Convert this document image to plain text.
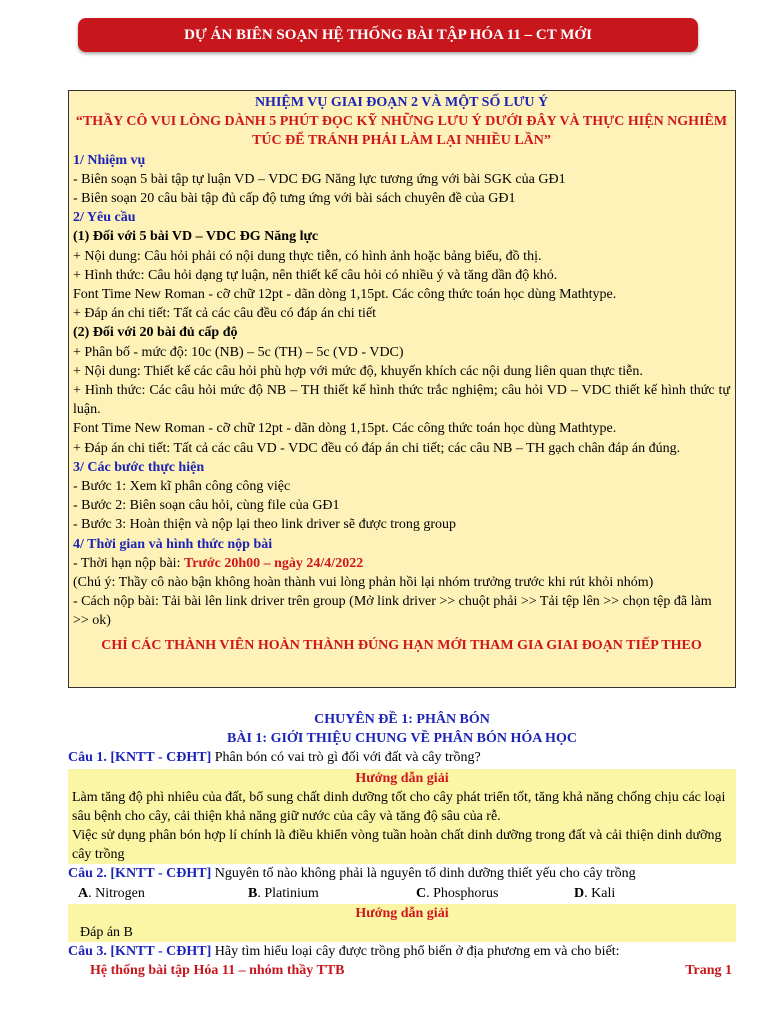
DỰ ÁN BIÊN SOẠN HỆ THỐNG BÀI TẬP HÓA 11 – CT MỚI

NHIỆM VỤ GIAI ĐOẠN 2 VÀ MỘT SỐ LƯU Ý

“THẦY CÔ VUI LÒNG DÀNH 5 PHÚT ĐỌC KỸ NHỮNG LƯU Ý DƯỚI ĐÂY VÀ THỰC HIỆN NGHIÊM TÚC ĐỂ TRÁNH PHẢI LÀM LẠI NHIỀU LẦN”

1/ Nhiệm vụ

- Biên soạn 5 bài tập tự luận VD – VDC ĐG Năng lực tương ứng với bài SGK của GĐ1

- Biên soạn 20 câu bài tập đủ cấp độ tưng ứng với bài sách chuyên đề của GĐ1

2/ Yêu cầu

(1) Đối với 5 bài VD – VDC ĐG Năng lực

+ Nội dung: Câu hỏi phải có nội dung thực tiễn, có hình ảnh hoặc bảng biểu, đồ thị.

+ Hình thức: Câu hỏi dạng tự luận, nên thiết kế câu hỏi có nhiều ý và tăng dần độ khó.

Font Time New Roman - cỡ chữ 12pt - dãn dòng 1,15pt. Các công thức toán học dùng Mathtype.

+ Đáp án chi tiết: Tất cả các câu đều có đáp án chi tiết

(2) Đối với 20 bài đủ cấp độ

+ Phân bố - mức độ: 10c (NB) – 5c (TH) – 5c (VD - VDC)

+ Nội dung: Thiết kế các câu hỏi phù hợp với mức độ, khuyến khích các nội dung liên quan thực tiễn.

+ Hình thức: Các câu hỏi mức độ NB – TH thiết kế hình thức trắc nghiệm; câu hỏi VD – VDC thiết kế hình thức tự luận.

Font Time New Roman - cỡ chữ 12pt - dãn dòng 1,15pt. Các công thức toán học dùng Mathtype.

+ Đáp án chi tiết: Tất cả các câu VD - VDC đều có đáp án chi tiết; các câu NB – TH gạch chân đáp án đúng.

3/ Các bước thực hiện

- Bước 1: Xem kĩ phân công công việc

- Bước 2: Biên soạn câu hỏi, cùng file của GĐ1

- Bước 3: Hoàn thiện và nộp lại theo link driver sẽ được trong group

4/ Thời gian và hình thức nộp bài

- Thời hạn nộp bài: Trước 20h00 – ngày 24/4/2022

(Chú ý: Thầy cô nào bận không hoàn thành vui lòng phản hồi lại nhóm trưởng trước khi rút khỏi nhóm)

- Cách nộp bài: Tải bài lên link driver trên group (Mở link driver >> chuột phải >> Tải tệp lên >> chọn tệp đã làm >> ok)

CHỈ CÁC THÀNH VIÊN HOÀN THÀNH ĐÚNG HẠN MỚI THAM GIA GIAI ĐOẠN TIẾP THEO

CHUYÊN ĐỀ 1: PHÂN BÓN

BÀI 1: GIỚI THIỆU CHUNG VỀ PHÂN BÓN HÓA HỌC

Câu 1. [KNTT - CĐHT] Phân bón có vai trò gì đối với đất và cây trồng?

Hướng dẫn giải

Làm tăng độ phì nhiêu của đất, bổ sung chất dinh dưỡng tốt cho cây phát triển tốt, tăng khả năng chống chịu các loại sâu bệnh cho cây, cải thiện khả năng giữ nước của cây và tăng độ sâu của rễ.

Việc sử dụng phân bón hợp lí chính là điều khiển vòng tuần hoàn chất dinh dưỡng trong đất và cải thiện dinh dưỡng cây trồng

Câu 2. [KNTT - CĐHT] Nguyên tố nào không phải là nguyên tố dinh dưỡng thiết yếu cho cây trồng

A. Nitrogen	B. Platinium	C. Phosphorus	D. Kali

Hướng dẫn giải

Đáp án B

Câu 3. [KNTT - CĐHT] Hãy tìm hiểu loại cây được trồng phổ biến ở địa phương em và cho biết:

Hệ thống bài tập Hóa 11 – nhóm thầy TTB	Trang 1
